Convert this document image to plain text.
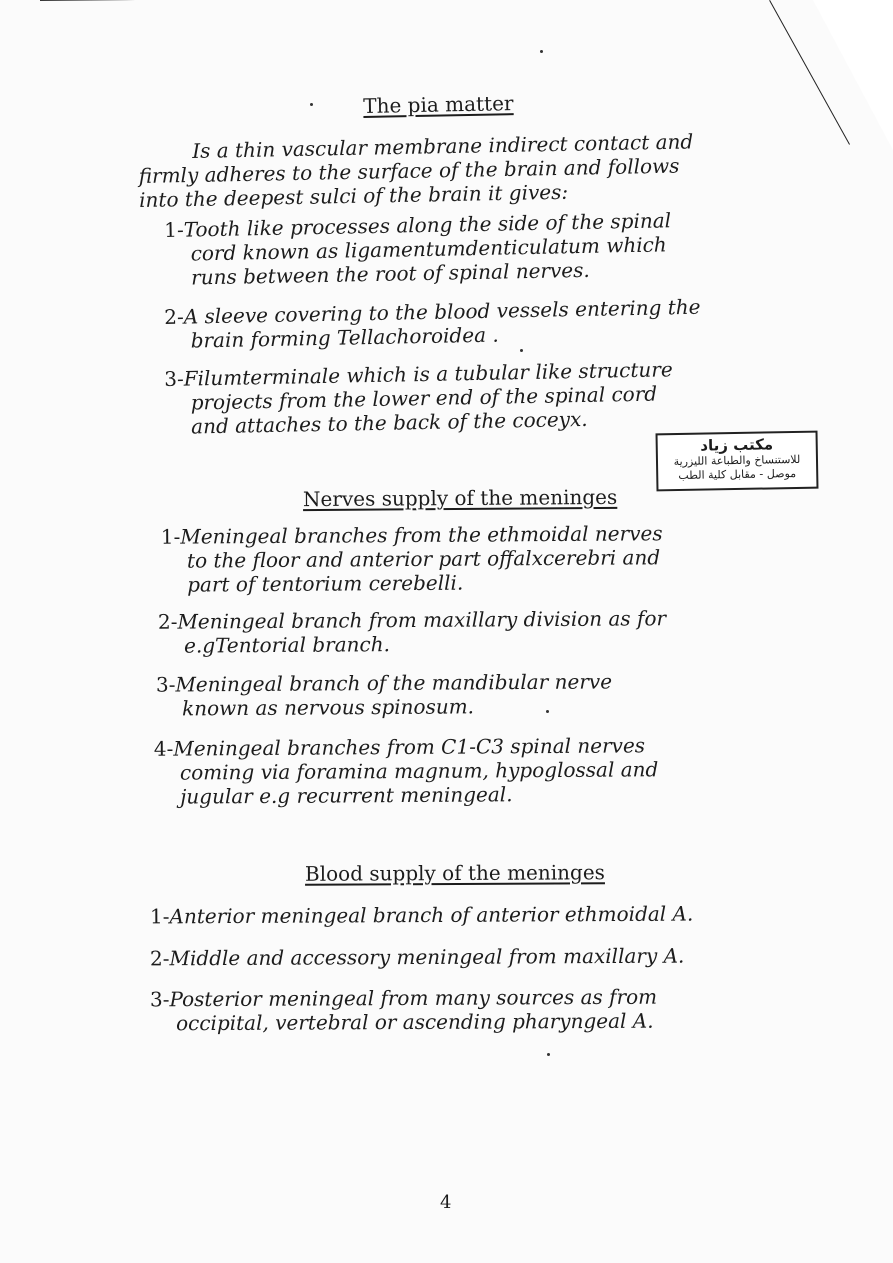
The pia matter
Is a thin vascular membrane indirect contact and
firmly adheres to the surface of the brain and follows
into the deepest sulci of the brain it gives:
1-Tooth like processes along the side of the spinal
cord known as ligamentumdenticulatum which
runs between the root of spinal nerves.
2-A sleeve covering to the blood vessels entering the
brain forming Tellachoroidea .
3-Filumterminale which is a tubular like structure
projects from the lower end of the spinal cord
and attaches to the back of the coceyx.
مكتب زياد
للاستنساخ والطباعة الليزرية
موصل - مقابل كلية الطب
Nerves supply of the meninges
1-Meningeal branches from the ethmoidal nerves
to the floor and anterior part offalxcerebri and
part of tentorium cerebelli.
2-Meningeal branch from maxillary division as for
e.gTentorial branch.
3-Meningeal branch of the mandibular nerve
known as nervous spinosum.
4-Meningeal branches from C1-C3 spinal nerves
coming via foramina magnum, hypoglossal and
jugular e.g recurrent meningeal.
Blood supply of the meninges
1-Anterior meningeal branch of anterior ethmoidal A.
2-Middle and accessory meningeal from maxillary A.
3-Posterior meningeal from many sources as from
occipital, vertebral or ascending pharyngeal A.
4
